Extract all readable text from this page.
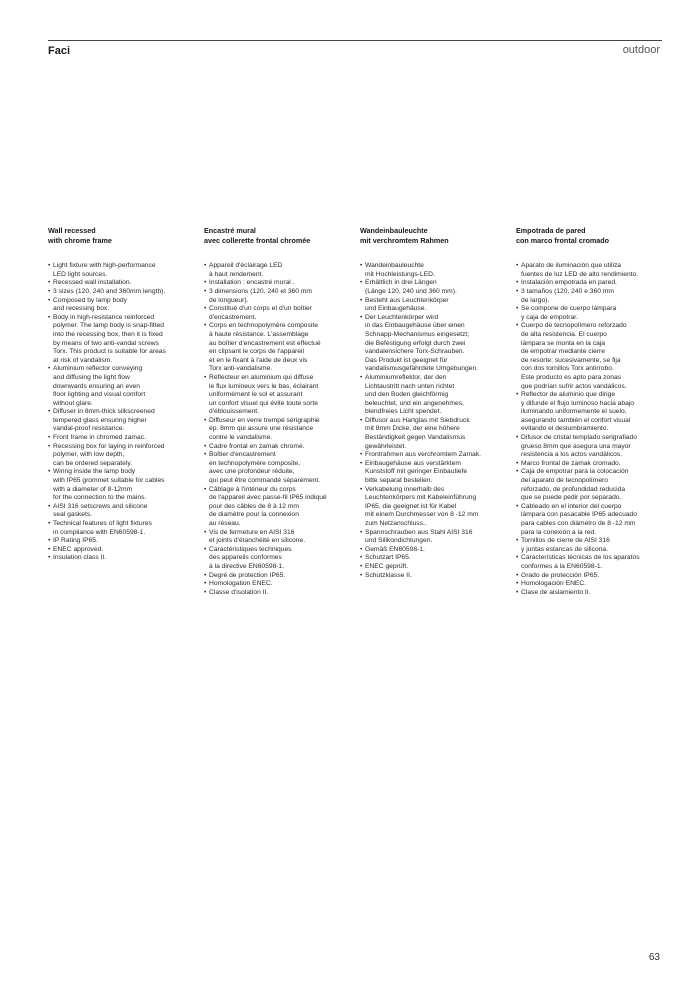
Faci	outdoor
Wall recessed
with chrome frame
• Light fixture with high-performance
LED light sources.
• Recessed wall installation.
• 3 sizes (120, 240 and 360mm length).
• Composed by lamp body
and recessing box.
• Body in high-resistance reinforced
polymer. The lamp body is snap-fitted
into the recessing box, then it is fixed
by means of two anti-vandal screws
Torx. This product is suitable for areas
at risk of vandalism.
• Aluminium reflector conveying
and diffusing the light flow
downwards ensuring an even
floor lighting and visual comfort
without glare.
• Diffuser in 8mm-thick silkscreened
tempered glass ensuring higher
vandal-proof resistance.
• Front frame in chromed zamac.
• Recessing box for laying in reinforced
polymer, with low depth,
can be ordered separately.
• Wiring inside the lamp body
with IP65 grommet suitable for cables
with a diameter of 8-12mm
for the connection to the mains.
• AISI 316 setscrews and silicone
seal gaskets.
• Technical features of light fixtures
in compliance with EN60598-1.
• IP Rating IP65.
• ENEC approved.
• Insulation class II.
Encastré mural
avec collerette frontal chromée
• Appareil d'éclairage LED
à haut rendement.
• Installation : encastré mural .
• 3 dimensions (120, 240 et 360 mm
de longueur).
• Constitué d'un corps et d'un boîtier
d'encastrement.
• Corps en technopolymère composite
à haute résistance. L'assemblage
au boîtier d'encastrement est effectué
en clipsant le corps de l'appareil
et en le fixant à l'aide de deux vis
Torx anti-vandalisme.
• Réflecteur en aluminium qui diffuse
le flux lumineux vers le bas, éclairant
uniformément le sol et assurant
un confort visuel qui évite toute sorte
d'éblouissement.
• Diffuseur en verre trempé sérigraphié
ép. 8mm qui assure une résistance
contre le vandalisme.
• Cadre frontal en zamak chromé.
• Boîtier d'encastrement
en technopolymère composite,
avec une profondeur réduite,
qui peut être commandé séparément.
• Câblage à l'intérieur du corps
de l'appareil avec passe-fil IP65 indiqué
pour des câbles de 8 à 12 mm
de diamètre pour la connexion
au réseau.
• Vis de fermeture en AISI 316
et joints d'étanchéité en silicone.
• Caractéristiques techniques
des appareils conformes
à la directive EN60598-1.
• Degré de protection IP65.
• Homologation ENEC.
• Classe d'isolation II.
Wandeinbauleuchte
mit verchromtem Rahmen
• Wandeinbauleuchte
mit Hochleistungs-LED.
• Erhältlich in drei Längen
(Länge 120, 240 und 360 mm).
• Besteht aus Leuchtenkörper
und Einbaugehäuse.
• Der Leuchtenkörper wird
in das Einbaugehäuse über einen
Schnapp-Mechanismus eingesetzt;
die Befestigung erfolgt durch zwei
vandalensichere Torx-Schrauben.
Das Produkt ist geeignet für
vandalismusgefährdete Umgebungen.
• Aluminiumreflektor, der den
Lichtaustritt nach unten richtet
und den Boden gleichförmig
beleuchtet, und ein angenehmes,
blendfreies Licht spendet.
• Diffusor aus Hartglas mit Siebdruck
mit 8mm Dicke, der eine höhere
Beständigkeit gegen Vandalismus
gewährleistet.
• Frontrahmen aus verchromtem Zamak.
• Einbaugehäuse aus verstärktem
Kunststoff mit geringer Einbautiefe
bitte separat bestellen.
• Verkabelung innerhalb des
Leuchtenkörpers mit Kabeleinführung
IP65, die geeignet ist für Kabel
mit einem Durchmesser von 8 -12 mm
zum Netzanschluss..
• Spannschrauben aus Stahl AISI 316
und Silikondichtungen.
• Gemäß EN60598-1.
• Schutzart IP65.
• ENEC geprüft.
• Schutzklasse II.
Empotrada de pared
con marco frontal cromado
• Aparato de iluminación que utiliza
fuentes de luz LED de alto rendimiento.
• Instalación empotrada en pared.
• 3 tamaños (120, 240 e 360 mm
de largo).
• Se compone de cuerpo lámpara
y caja de empotrar.
• Cuerpo de tecnopolímero reforzado
de alta resistencia. El cuerpo
lámpara se monta en la caja
de empotrar mediante cierre
de resorte; sucesivamente, se fija
con dos tornillos Torx antirrobo.
Este producto es apto para zonas
que podrían sufrir actos vandálicos.
• Reflector de aluminio que dirige
y difunde el flujo luminoso hacia abajo
iluminando uniformemente el suelo,
asegurando también el confort visual
evitando el deslumbramiento.
• Difusor de cristal templado serigrafiado
grueso 8mm que asegura una mayor
resistencia a los actos vandálicos.
• Marco frontal de zamak cromado.
• Caja de empotrar para la colocación
del aparato de tecnopolímero
reforzado, de profundidad reducida
que se puede pedir por separado.
• Cableado en el interior del cuerpo
lámpara con pasacable IP65 adecuado
para cables con diámetro de 8 -12 mm
para la conexión a la red.
• Tornillos de cierre de AISI 316
y juntas estancas de silicona.
• Características técnicas de los aparatos
conformes a la EN60598-1.
• Grado de protección IP65.
• Homologación ENEC.
• Clase de aislamiento II.
63
